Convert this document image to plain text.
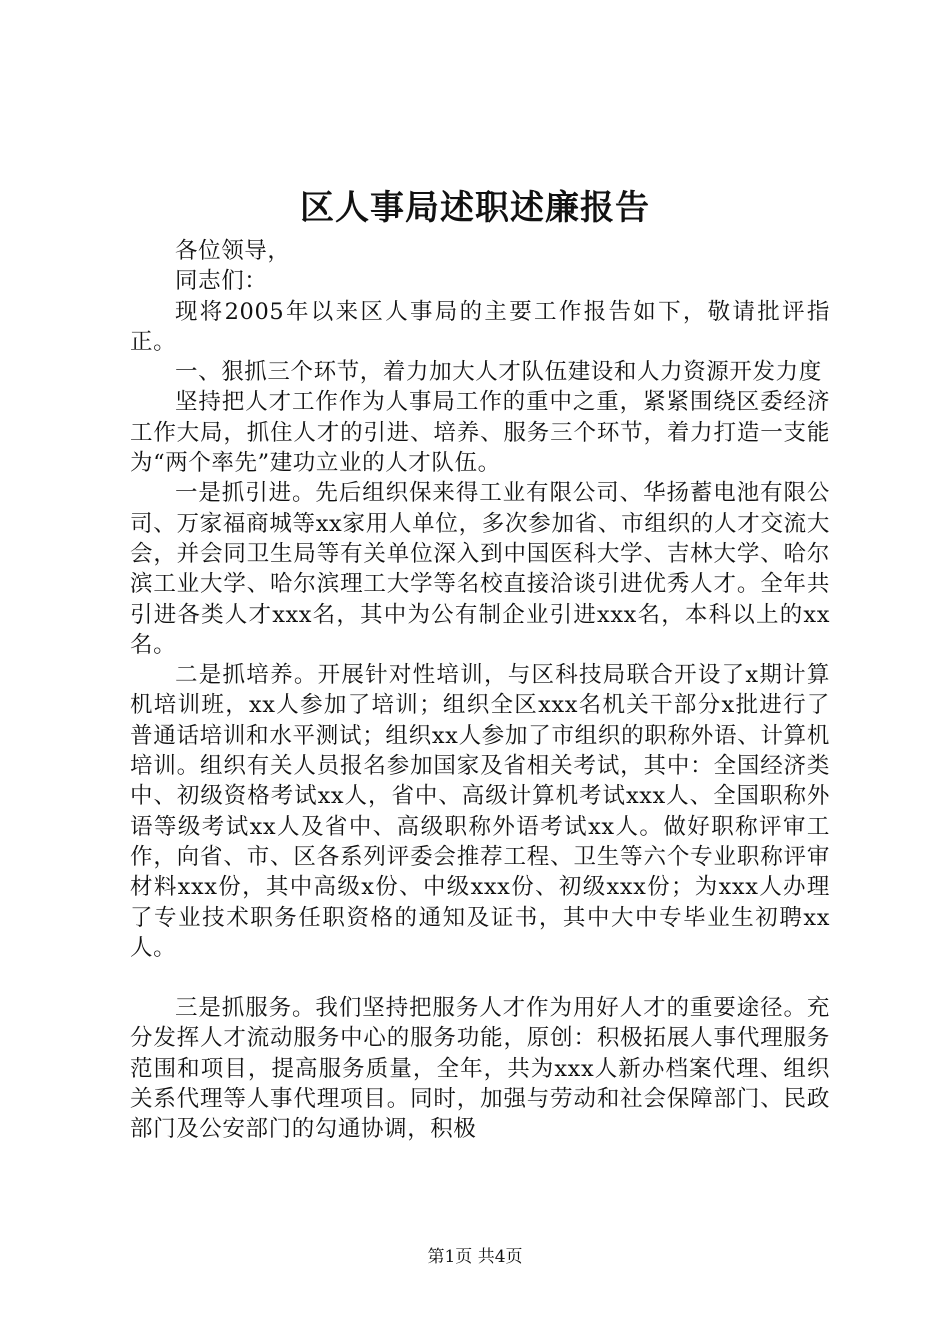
区人事局述职述廉报告

各位领导，

同志们：

现将2005年以来区人事局的主要工作报告如下，敬请批评指正。

一、狠抓三个环节，着力加大人才队伍建设和人力资源开发力度

坚持把人才工作作为人事局工作的重中之重，紧紧围绕区委经济工作大局，抓住人才的引进、培养、服务三个环节，着力打造一支能为“两个率先”建功立业的人才队伍。

一是抓引进。先后组织保来得工业有限公司、华扬蓄电池有限公司、万家福商城等xx家用人单位，多次参加省、市组织的人才交流大会，并会同卫生局等有关单位深入到中国医科大学、吉林大学、哈尔滨工业大学、哈尔滨理工大学等名校直接洽谈引进优秀人才。全年共引进各类人才xxx名，其中为公有制企业引进xxx名，本科以上的xx名。

二是抓培养。开展针对性培训，与区科技局联合开设了x期计算机培训班，xx人参加了培训；组织全区xxx名机关干部分x批进行了普通话培训和水平测试；组织xx人参加了市组织的职称外语、计算机培训。组织有关人员报名参加国家及省相关考试，其中：全国经济类中、初级资格考试xx人，省中、高级计算机考试xxx人、全国职称外语等级考试xx人及省中、高级职称外语考试xx人。做好职称评审工作，向省、市、区各系列评委会推荐工程、卫生等六个专业职称评审材料xxx份，其中高级x份、中级xxx份、初级xxx份；为xxx人办理了专业技术职务任职资格的通知及证书，其中大中专毕业生初聘xx人。

三是抓服务。我们坚持把服务人才作为用好人才的重要途径。充分发挥人才流动服务中心的服务功能，原创：积极拓展人事代理服务范围和项目，提高服务质量，全年，共为xxx人新办档案代理、组织关系代理等人事代理项目。同时，加强与劳动和社会保障部门、民政部门及公安部门的勾通协调，积极

第1页 共4页
